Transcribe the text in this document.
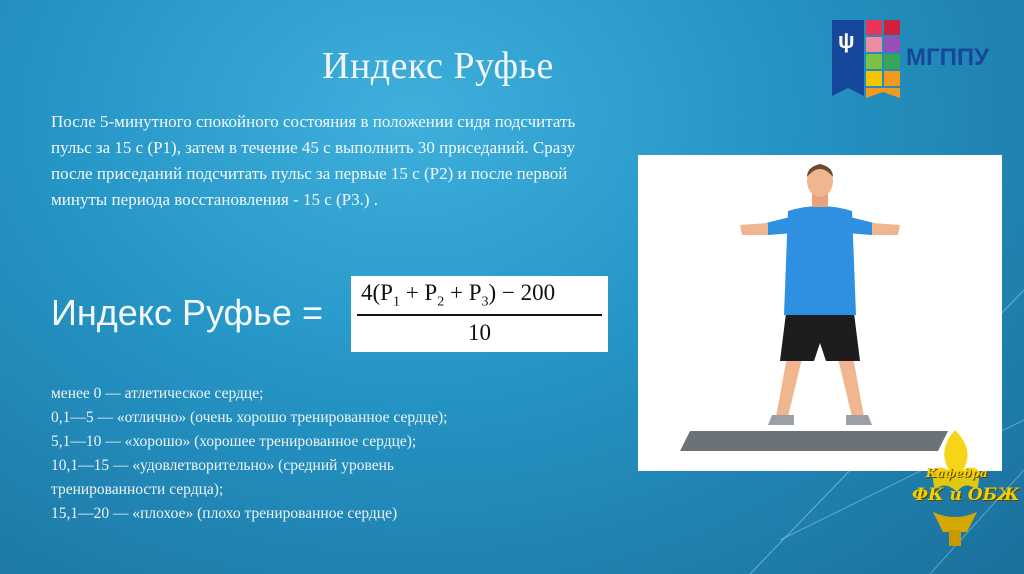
Индекс Руфье
ψ
МГППУ
После 5-минутного спокойного состояния в положении сидя подсчитать пульс за 15 с (Р1), затем в течение 45 с выполнить 30 приседаний. Сразу после приседаний подсчитать пульс за первые 15 с (Р2) и после первой минуты периода восстановления - 15 с (Р3.) .
Индекс Руфье = $4(P_1 + P_2 + P_3) - 200$
10
менее 0 — атлетическое сердце;
0,1—5 — «отлично» (очень хорошо тренированное сердце);
5,1—10 — «хорошо» (хорошее тренированное сердце);
10,1—15 — «удовлетворительно» (средний уровень
тренированности сердца);
15,1—20 — «плохое» (плохо тренированное сердце)
Кафедра
ФК и ОБЖ
